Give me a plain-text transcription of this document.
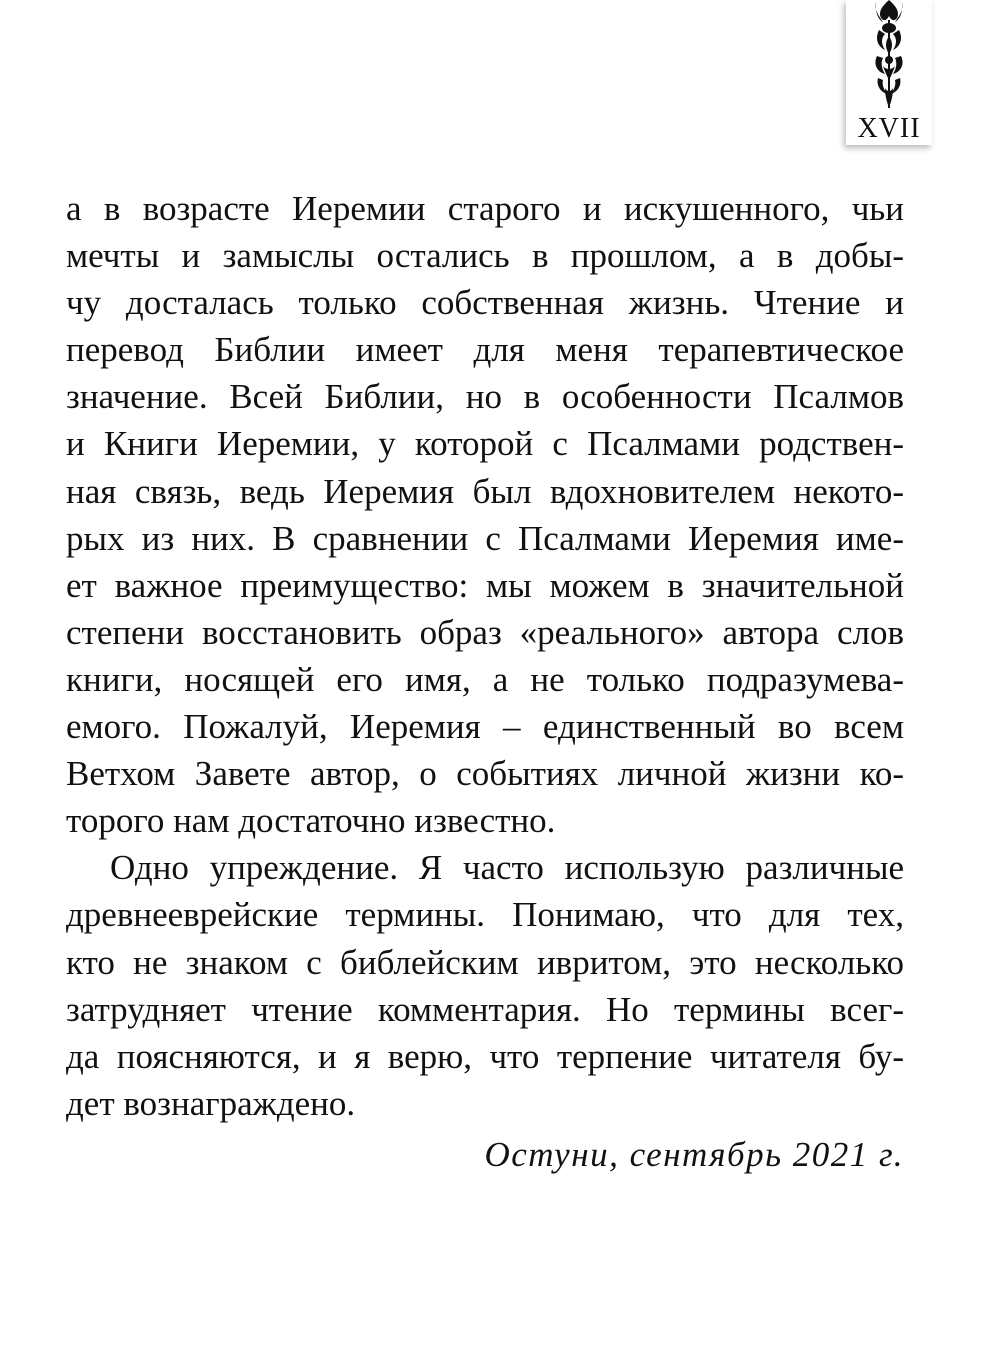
XVII
а в возрасте Иеремии старого и искушенного, чьи
мечты и замыслы остались в прошлом, а в добы-
чу досталась только собственная жизнь. Чтение и
перевод Библии имеет для меня терапевтическое
значение. Всей Библии, но в особенности Псалмов
и Книги Иеремии, у которой с Псалмами родствен-
ная связь, ведь Иеремия был вдохновителем некото-
рых из них. В сравнении с Псалмами Иеремия име-
ет важное преимущество: мы можем в значительной
степени восстановить образ «реального» автора слов
книги, носящей его имя, а не только подразумева-
емого. Пожалуй, Иеремия – единственный во всем
Ветхом Завете автор, о событиях личной жизни ко-
торого нам достаточно известно.
Одно упреждение. Я часто использую различные
древнееврейские термины. Понимаю, что для тех,
кто не знаком с библейским ивритом, это несколько
затрудняет чтение комментария. Но термины всег-
да поясняются, и я верю, что терпение читателя бу-
дет вознаграждено.
Остуни, сентябрь 2021 г.
